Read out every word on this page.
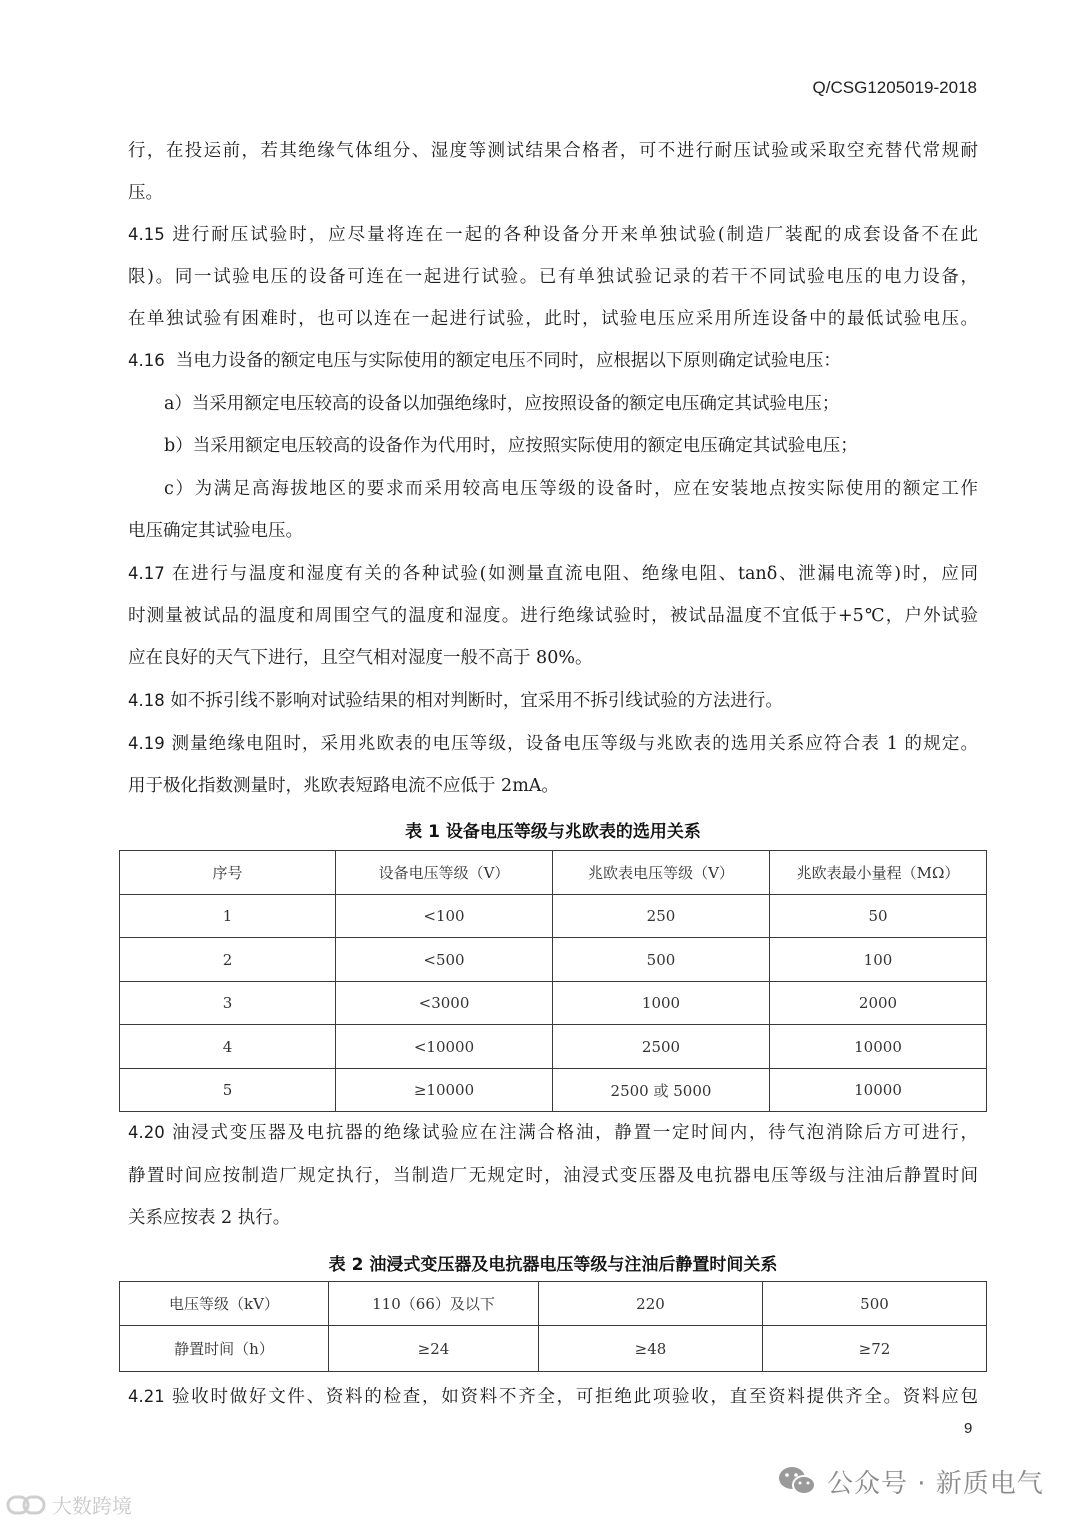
Q/CSG1205019-2018
行，在投运前，若其绝缘气体组分、湿度等测试结果合格者，可不进行耐压试验或采取空充替代常规耐
压。
4.15 进行耐压试验时，应尽量将连在一起的各种设备分开来单独试验(制造厂装配的成套设备不在此
限)。同一试验电压的设备可连在一起进行试验。已有单独试验记录的若干不同试验电压的电力设备，
在单独试验有困难时，也可以连在一起进行试验，此时，试验电压应采用所连设备中的最低试验电压。
4.16 当电力设备的额定电压与实际使用的额定电压不同时，应根据以下原则确定试验电压：
a）当采用额定电压较高的设备以加强绝缘时，应按照设备的额定电压确定其试验电压；
b）当采用额定电压较高的设备作为代用时，应按照实际使用的额定电压确定其试验电压；
c）为满足高海拔地区的要求而采用较高电压等级的设备时，应在安装地点按实际使用的额定工作
电压确定其试验电压。
4.17 在进行与温度和湿度有关的各种试验(如测量直流电阻、绝缘电阻、tanδ、泄漏电流等)时，应同
时测量被试品的温度和周围空气的温度和湿度。进行绝缘试验时，被试品温度不宜低于+5℃，户外试验
应在良好的天气下进行，且空气相对湿度一般不高于 80%。
4.18 如不拆引线不影响对试验结果的相对判断时，宜采用不拆引线试验的方法进行。
4.19 测量绝缘电阻时，采用兆欧表的电压等级，设备电压等级与兆欧表的选用关系应符合表 1 的规定。
用于极化指数测量时，兆欧表短路电流不应低于 2mA。
表 1 设备电压等级与兆欧表的选用关系
序号	设备电压等级（V）	兆欧表电压等级（V）	兆欧表最小量程（MΩ）
1	<100	250	50
2	<500	500	100
3	<3000	1000	2000
4	<10000	2500	10000
5	≥10000	2500 或 5000	10000
4.20 油浸式变压器及电抗器的绝缘试验应在注满合格油，静置一定时间内，待气泡消除后方可进行，
静置时间应按制造厂规定执行，当制造厂无规定时，油浸式变压器及电抗器电压等级与注油后静置时间
关系应按表 2 执行。
表 2 油浸式变压器及电抗器电压等级与注油后静置时间关系
电压等级（kV）	110（66）及以下	220	500
静置时间（h）	≥24	≥48	≥72
4.21 验收时做好文件、资料的检查，如资料不齐全，可拒绝此项验收，直至资料提供齐全。资料应包
9
公众号 · 新质电气
大数跨境
